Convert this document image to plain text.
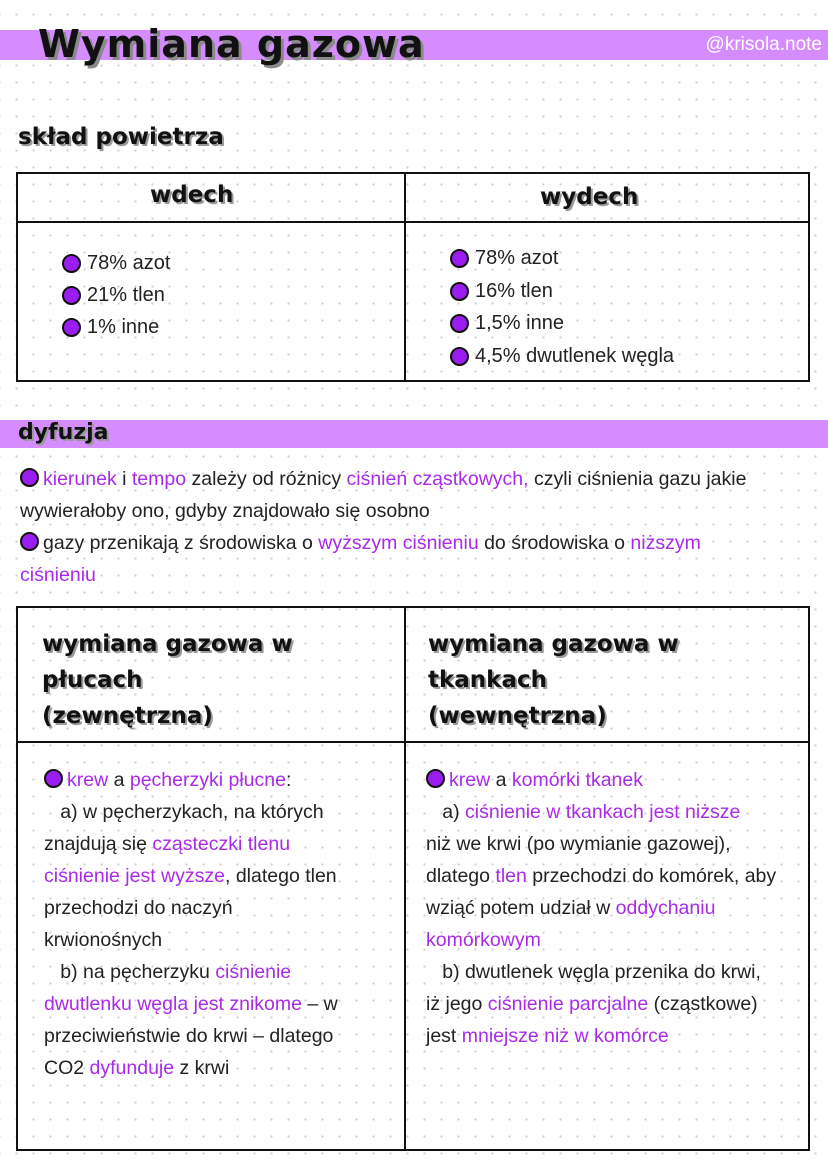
Wymiana gazowa	@krisola.note
skład powietrza
wdech	wydech
78% azot
21% tlen
1% inne
78% azot
16% tlen
1,5% inne
4,5% dwutlenek węgla
dyfuzja
kierunek i tempo zależy od różnicy ciśnień cząstkowych, czyli ciśnienia gazu jakie
wywierałoby ono, gdyby znajdowało się osobno
gazy przenikają z środowiska o wyższym ciśnieniu do środowiska o niższym
ciśnieniu
wymiana gazowa w
płucach
(zewnętrzna)
wymiana gazowa w
tkankach
(wewnętrzna)
krew a pęcherzyki płucne:
a) w pęcherzykach, na których
znajdują się cząsteczki tlenu
ciśnienie jest wyższe, dlatego tlen
przechodzi do naczyń
krwionośnych
b) na pęcherzyku ciśnienie
dwutlenku węgla jest znikome – w
przeciwieństwie do krwi – dlatego
CO2 dyfunduje z krwi
krew a komórki tkanek
a) ciśnienie w tkankach jest niższe
niż we krwi (po wymianie gazowej),
dlatego tlen przechodzi do komórek, aby
wziąć potem udział w oddychaniu
komórkowym
b) dwutlenek węgla przenika do krwi,
iż jego ciśnienie parcjalne (cząstkowe)
jest mniejsze niż w komórce
